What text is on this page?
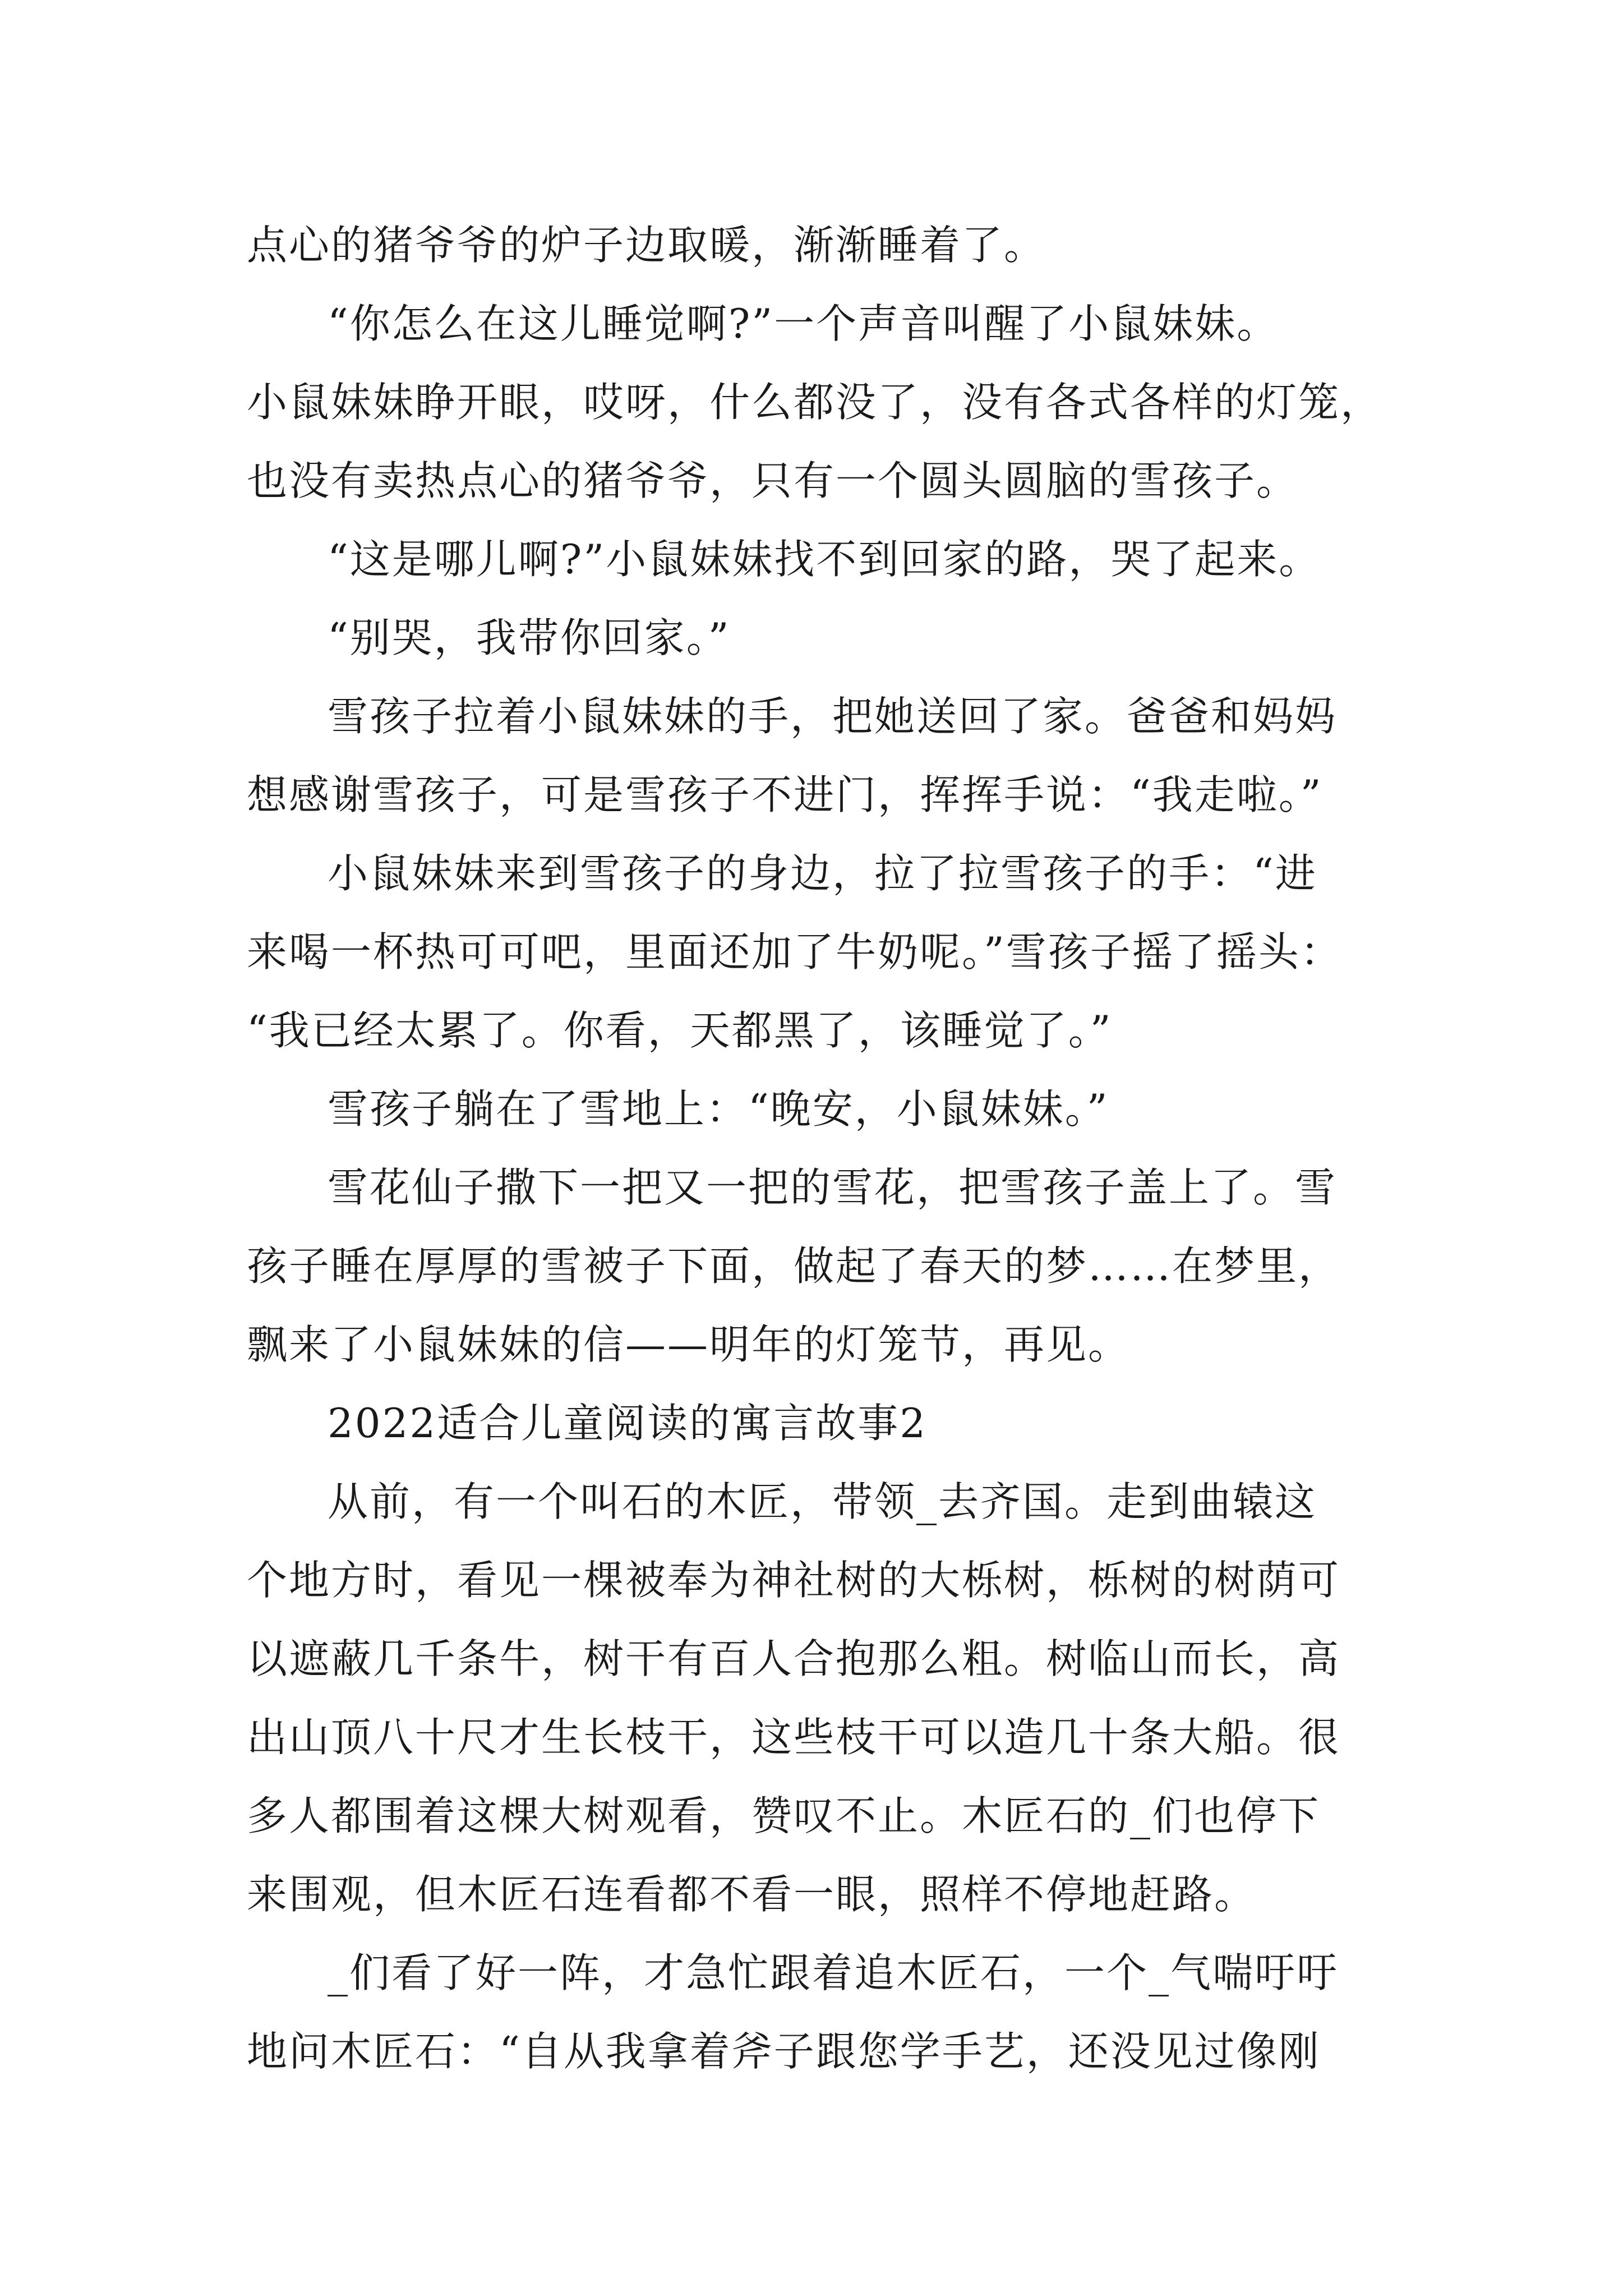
点心的猪爷爷的炉子边取暖，渐渐睡着了。
“你怎么在这儿睡觉啊?”一个声音叫醒了小鼠妹妹。
小鼠妹妹睁开眼，哎呀，什么都没了，没有各式各样的灯笼，
也没有卖热点心的猪爷爷，只有一个圆头圆脑的雪孩子。
“这是哪儿啊?”小鼠妹妹找不到回家的路，哭了起来。
“别哭，我带你回家。”
雪孩子拉着小鼠妹妹的手，把她送回了家。爸爸和妈妈
想感谢雪孩子，可是雪孩子不进门，挥挥手说：“我走啦。”
小鼠妹妹来到雪孩子的身边，拉了拉雪孩子的手：“进
来喝一杯热可可吧，里面还加了牛奶呢。”雪孩子摇了摇头：
“我已经太累了。你看，天都黑了，该睡觉了。”
雪孩子躺在了雪地上：“晚安，小鼠妹妹。”
雪花仙子撒下一把又一把的雪花，把雪孩子盖上了。雪
孩子睡在厚厚的雪被子下面，做起了春天的梦……在梦里，
飘来了小鼠妹妹的信——明年的灯笼节，再见。
2022适合儿童阅读的寓言故事2
从前，有一个叫石的木匠，带领_去齐国。走到曲辕这
个地方时，看见一棵被奉为神社树的大栎树，栎树的树荫可
以遮蔽几千条牛，树干有百人合抱那么粗。树临山而长，高
出山顶八十尺才生长枝干，这些枝干可以造几十条大船。很
多人都围着这棵大树观看，赞叹不止。木匠石的_们也停下
来围观，但木匠石连看都不看一眼，照样不停地赶路。
_们看了好一阵，才急忙跟着追木匠石，一个_气喘吁吁
地问木匠石：“自从我拿着斧子跟您学手艺，还没见过像刚
